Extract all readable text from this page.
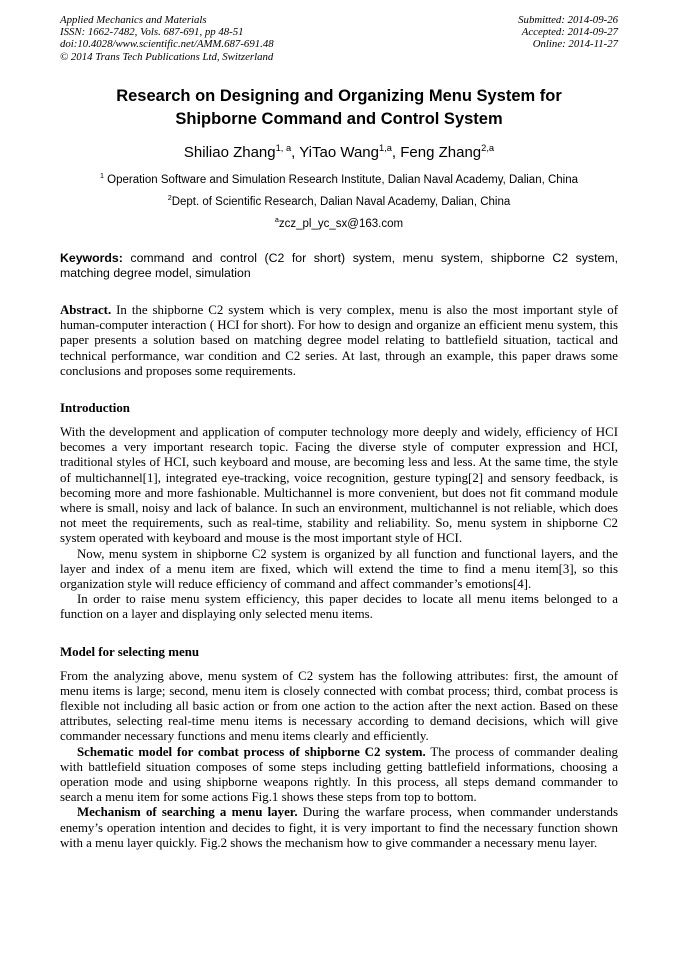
Applied Mechanics and Materials
ISSN: 1662-7482, Vols. 687-691, pp 48-51
doi:10.4028/www.scientific.net/AMM.687-691.48
© 2014 Trans Tech Publications Ltd, Switzerland
Submitted: 2014-09-26
Accepted: 2014-09-27
Online: 2014-11-27
Research on Designing and Organizing Menu System for Shipborne Command and Control System
Shiliao Zhang$^{1, a}$, YiTao Wang$^{1,a}$, Feng Zhang$^{2,a}$
$^1$ Operation Software and Simulation Research Institute, Dalian Naval Academy, Dalian, China
$^2$Dept. of Scientific Research, Dalian Naval Academy, Dalian, China
$^a$zcz_pl_yc_sx@163.com

Keywords: command and control (C2 for short) system, menu system, shipborne C2 system, matching degree model, simulation

Abstract. In the shipborne C2 system which is very complex, menu is also the most important style of human-computer interaction ( HCI for short). For how to design and organize an efficient menu system, this paper presents a solution based on matching degree model relating to battlefield situation, tactical and technical performance, war condition and C2 series. At last, through an example, this paper draws some conclusions and proposes some requirements.

Introduction

With the development and application of computer technology more deeply and widely, efficiency of HCI becomes a very important research topic. Facing the diverse style of computer expression and HCI, traditional styles of HCI, such keyboard and mouse, are becoming less and less. At the same time, the style of multichannel[1], integrated eye-tracking, voice recognition, gesture typing[2] and sensory feedback, is becoming more and more fashionable. Multichannel is more convenient, but does not fit command module where is small, noisy and lack of balance. In such an environment, multichannel is not reliable, which does not meet the requirements, such as real-time, stability and reliability. So, menu system in shipborne C2 system operated with keyboard and mouse is the most important style of HCI.

Now, menu system in shipborne C2 system is organized by all function and functional layers, and the layer and index of a menu item are fixed, which will extend the time to find a menu item[3], so this organization style will reduce efficiency of command and affect commander’s emotions[4].

In order to raise menu system efficiency, this paper decides to locate all menu items belonged to a function on a layer and displaying only selected menu items.

Model for selecting menu

From the analyzing above, menu system of C2 system has the following attributes: first, the amount of menu items is large; second, menu item is closely connected with combat process; third, combat process is flexible not including all basic action or from one action to the action after the next action. Based on these attributes, selecting real-time menu items is necessary according to demand decisions, which will give commander necessary functions and menu items clearly and efficiently.

Schematic model for combat process of shipborne C2 system. The process of commander dealing with battlefield situation composes of some steps including getting battlefield informations, choosing a operation mode and using shipborne weapons rightly. In this process, all steps demand commander to search a menu item for some actions Fig.1 shows these steps from top to bottom.

Mechanism of searching a menu layer. During the warfare process, when commander understands enemy’s operation intention and decides to fight, it is very important to find the necessary function shown with a menu layer quickly. Fig.2 shows the mechanism how to give commander a necessary menu layer.
